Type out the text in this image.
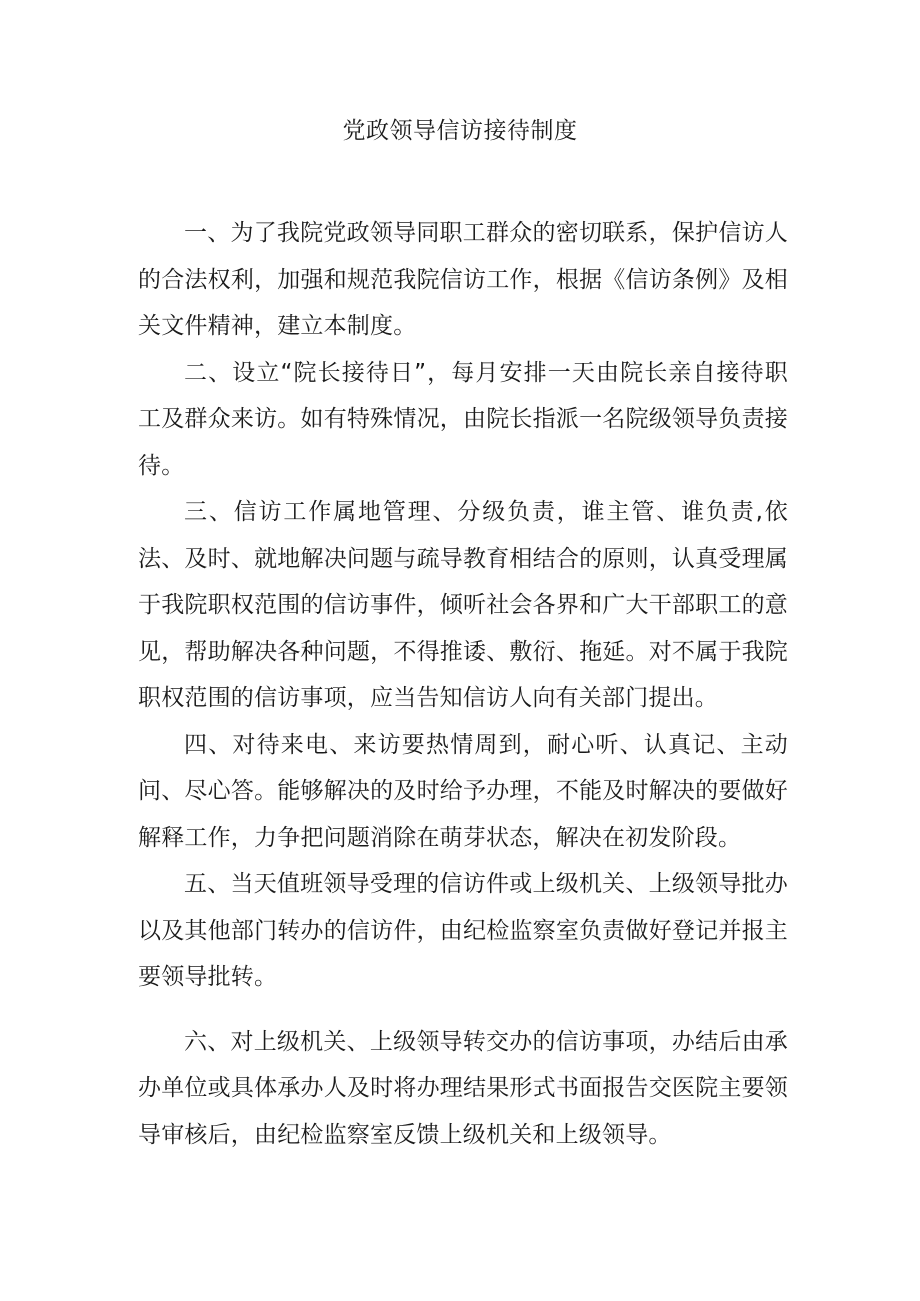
党政领导信访接待制度

一、为了我院党政领导同职工群众的密切联系，保护信访人的合法权利，加强和规范我院信访工作，根据《信访条例》及相关文件精神，建立本制度。

二、设立“院长接待日”，每月安排一天由院长亲自接待职工及群众来访。如有特殊情况，由院长指派一名院级领导负责接待。

三、信访工作属地管理、分级负责，谁主管、谁负责,依法、及时、就地解决问题与疏导教育相结合的原则，认真受理属于我院职权范围的信访事件，倾听社会各界和广大干部职工的意见，帮助解决各种问题，不得推诿、敷衍、拖延。对不属于我院职权范围的信访事项，应当告知信访人向有关部门提出。

四、对待来电、来访要热情周到，耐心听、认真记、主动问、尽心答。能够解决的及时给予办理，不能及时解决的要做好解释工作，力争把问题消除在萌芽状态，解决在初发阶段。

五、当天值班领导受理的信访件或上级机关、上级领导批办以及其他部门转办的信访件，由纪检监察室负责做好登记并报主要领导批转。

六、对上级机关、上级领导转交办的信访事项，办结后由承办单位或具体承办人及时将办理结果形式书面报告交医院主要领导审核后，由纪检监察室反馈上级机关和上级领导。
